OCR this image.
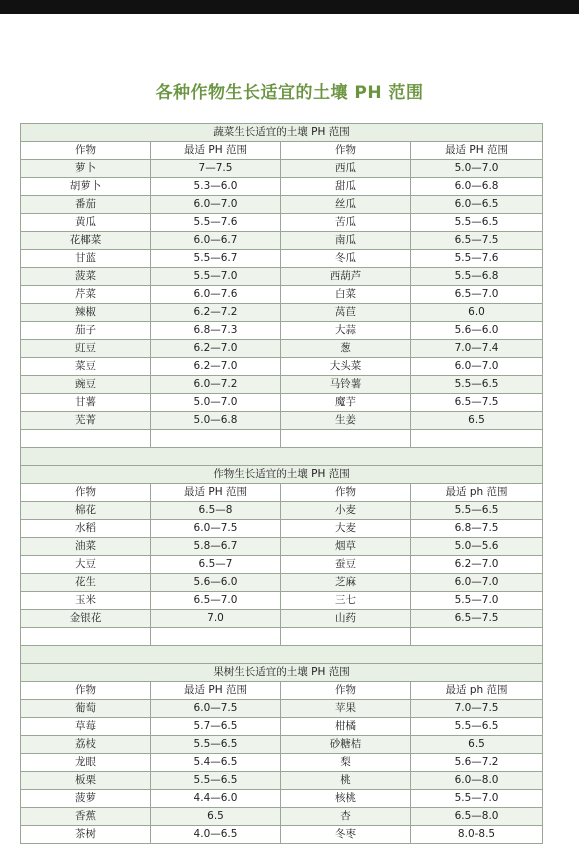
各种作物生长适宜的土壤 PH 范围
蔬菜生长适宜的土壤 PH 范围			
作物	最适 PH 范围	作物	最适 PH 范围
萝卜	7—7.5	西瓜	5.0—7.0
胡萝卜	5.3—6.0	甜瓜	6.0—6.8
番茄	6.0—7.0	丝瓜	6.0—6.5
黄瓜	5.5—7.6	苦瓜	5.5—6.5
花椰菜	6.0—6.7	南瓜	6.5—7.5
甘蓝	5.5—6.7	冬瓜	5.5—7.6
菠菜	5.5—7.0	西葫芦	5.5—6.8
芹菜	6.0—7.6	白菜	6.5—7.0
辣椒	6.2—7.2	莴苣	6.0
茄子	6.8—7.3	大蒜	5.6—6.0
豇豆	6.2—7.0	葱	7.0—7.4
菜豆	6.2—7.0	大头菜	6.0—7.0
豌豆	6.0—7.2	马铃薯	5.5—6.5
甘薯	5.0—7.0	魔芋	6.5—7.5
芜菁	5.0—6.8	生姜	6.5

作物生长适宜的土壤 PH 范围			
作物	最适 PH 范围	作物	最适 ph 范围
棉花	6.5—8	小麦	5.5—6.5
水稻	6.0—7.5	大麦	6.8—7.5
油菜	5.8—6.7	烟草	5.0—5.6
大豆	6.5—7	蚕豆	6.2—7.0
花生	5.6—6.0	芝麻	6.0—7.0
玉米	6.5—7.0	三七	5.5—7.0
金银花	7.0	山药	6.5—7.5

果树生长适宜的土壤 PH 范围			
作物	最适 PH 范围	作物	最适 ph 范围
葡萄	6.0—7.5	苹果	7.0—7.5
草莓	5.7—6.5	柑橘	5.5—6.5
荔枝	5.5—6.5	砂糖桔	6.5
龙眼	5.4—6.5	梨	5.6—7.2
板栗	5.5—6.5	桃	6.0—8.0
菠萝	4.4—6.0	核桃	5.5—7.0
香蕉	6.5	杏	6.5—8.0
茶树	4.0—6.5	冬枣	8.0-8.5
